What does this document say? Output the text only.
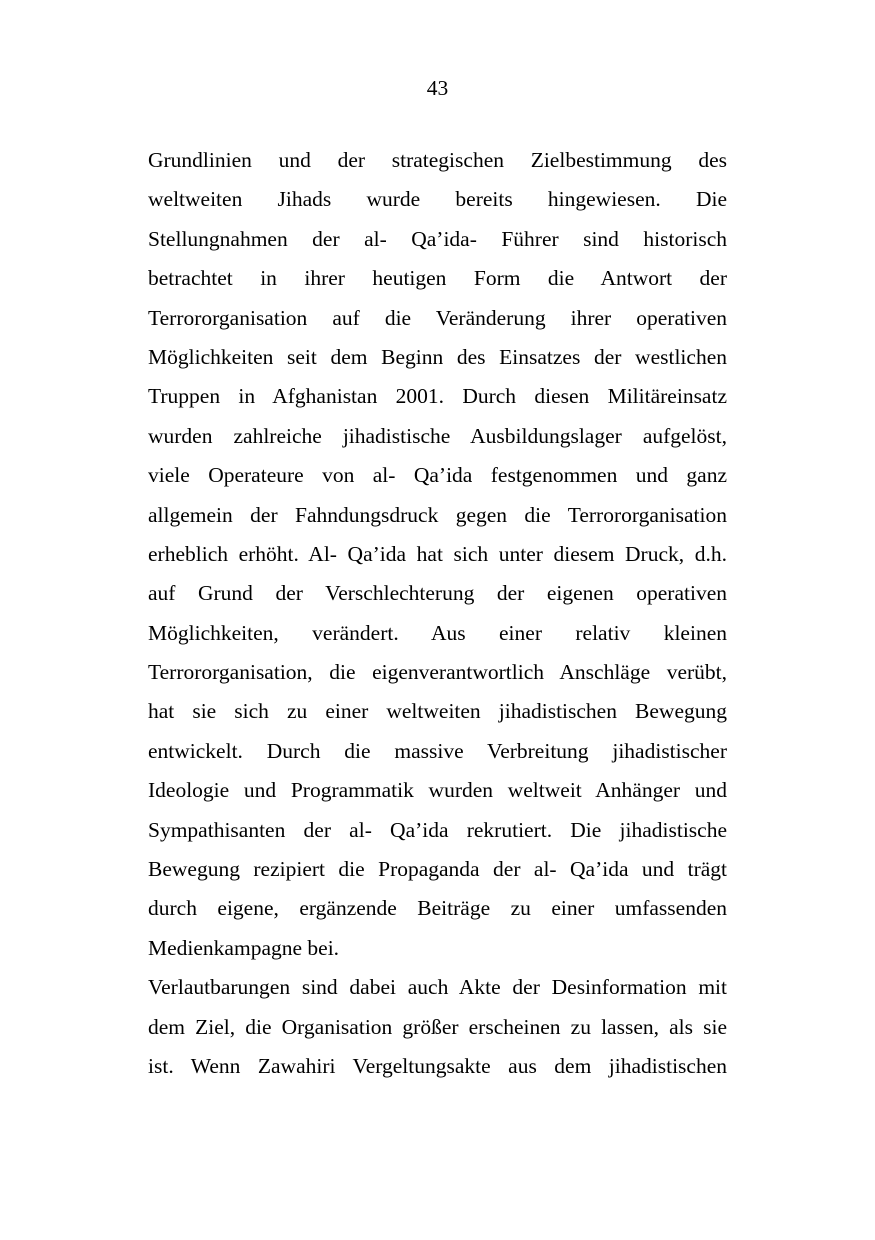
43

Grundlinien und der strategischen Zielbestimmung des
weltweiten Jihads wurde bereits hingewiesen. Die
Stellungnahmen der al- Qa’ida- Führer sind historisch
betrachtet in ihrer heutigen Form die Antwort der
Terrororganisation auf die Veränderung ihrer operativen
Möglichkeiten seit dem Beginn des Einsatzes der westlichen
Truppen in Afghanistan 2001. Durch diesen Militäreinsatz
wurden zahlreiche jihadistische Ausbildungslager aufgelöst,
viele Operateure von al- Qa’ida festgenommen und ganz
allgemein der Fahndungsdruck gegen die Terrororganisation
erheblich erhöht. Al- Qa’ida hat sich unter diesem Druck, d.h.
auf Grund der Verschlechterung der eigenen operativen
Möglichkeiten, verändert. Aus einer relativ kleinen
Terrororganisation, die eigenverantwortlich Anschläge verübt,
hat sie sich zu einer weltweiten jihadistischen Bewegung
entwickelt. Durch die massive Verbreitung jihadistischer
Ideologie und Programmatik wurden weltweit Anhänger und
Sympathisanten der al- Qa’ida rekrutiert. Die jihadistische
Bewegung rezipiert die Propaganda der al- Qa’ida und trägt
durch eigene, ergänzende Beiträge zu einer umfassenden
Medienkampagne bei.
Verlautbarungen sind dabei auch Akte der Desinformation mit
dem Ziel, die Organisation größer erscheinen zu lassen, als sie
ist. Wenn Zawahiri Vergeltungsakte aus dem jihadistischen
